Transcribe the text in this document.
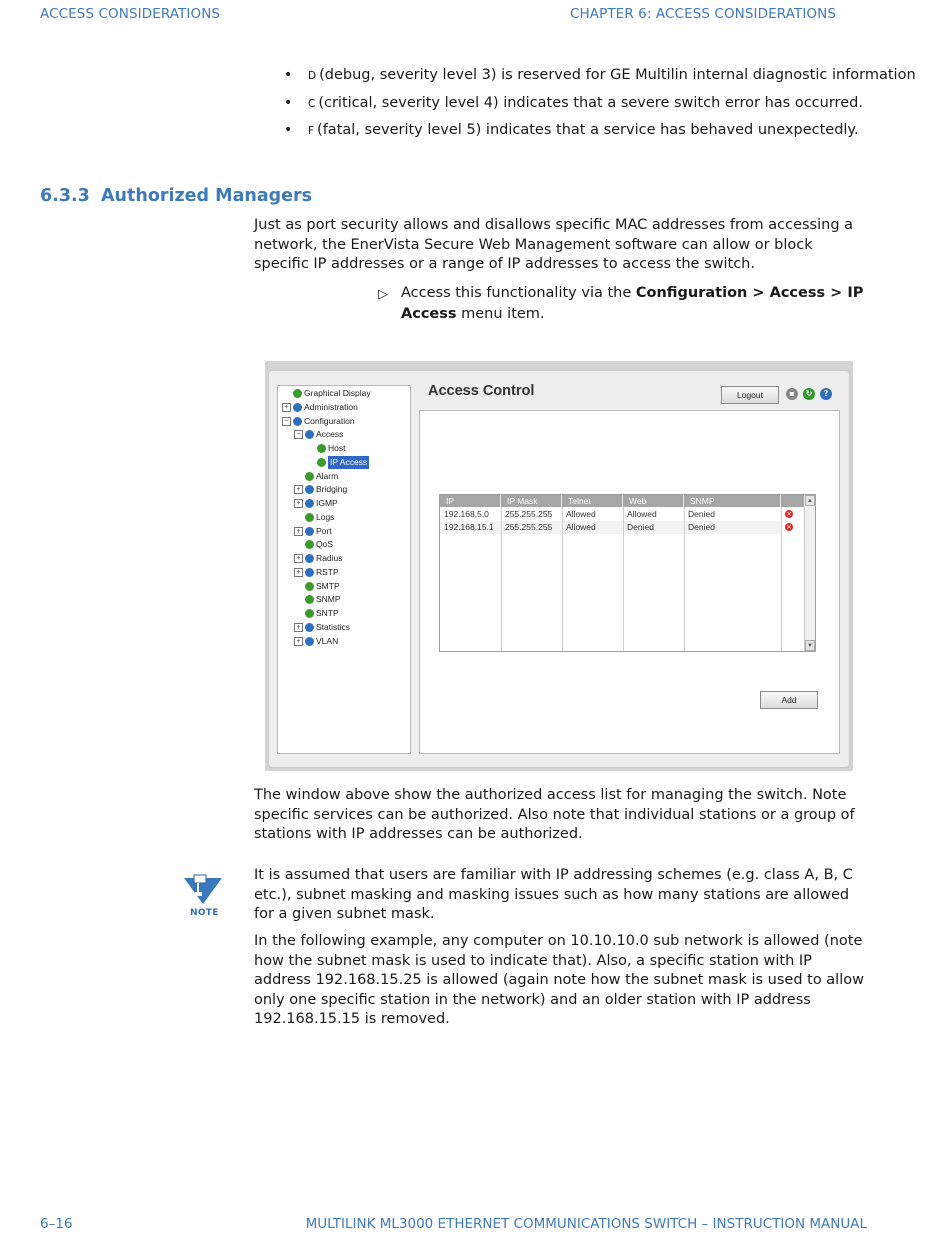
ACCESS CONSIDERATIONS	CHAPTER 6: ACCESS CONSIDERATIONS
• D (debug, severity level 3) is reserved for GE Multilin internal diagnostic information
• C (critical, severity level 4) indicates that a severe switch error has occurred.
• F (fatal, severity level 5) indicates that a service has behaved unexpectedly.
6.3.3 Authorized Managers
Just as port security allows and disallows specific MAC addresses from accessing a network, the EnerVista Secure Web Management software can allow or block specific IP addresses or a range of IP addresses to access the switch.
▷ Access this functionality via the Configuration > Access > IP Access menu item.
Graphical Display
+ Administration
− Configuration
− Access
Host
IP Access
Alarm
+ Bridging
+ IGMP
Logs
+ Port
QoS
+ Radius
+ RSTP
SMTP
SNMP
SNTP
+ Statistics
+ VLAN
Access Control	Logout	▪	↻	?
▲
▼
IP	IP Mask	Telnet	Web	SNMP
192.168.5.0	255.255.255	Allowed	Allowed	Denied	×
192.168.15.1	255.255.255	Allowed	Denied	Denied	×
Add
The window above show the authorized access list for managing the switch. Note specific services can be authorized. Also note that individual stations or a group of stations with IP addresses can be authorized.
NOTE
It is assumed that users are familiar with IP addressing schemes (e.g. class A, B, C etc.), subnet masking and masking issues such as how many stations are allowed for a given subnet mask.
In the following example, any computer on 10.10.10.0 sub network is allowed (note how the subnet mask is used to indicate that). Also, a specific station with IP address 192.168.15.25 is allowed (again note how the subnet mask is used to allow only one specific station in the network) and an older station with IP address 192.168.15.15 is removed.
6–16	MULTILINK ML3000 ETHERNET COMMUNICATIONS SWITCH – INSTRUCTION MANUAL
